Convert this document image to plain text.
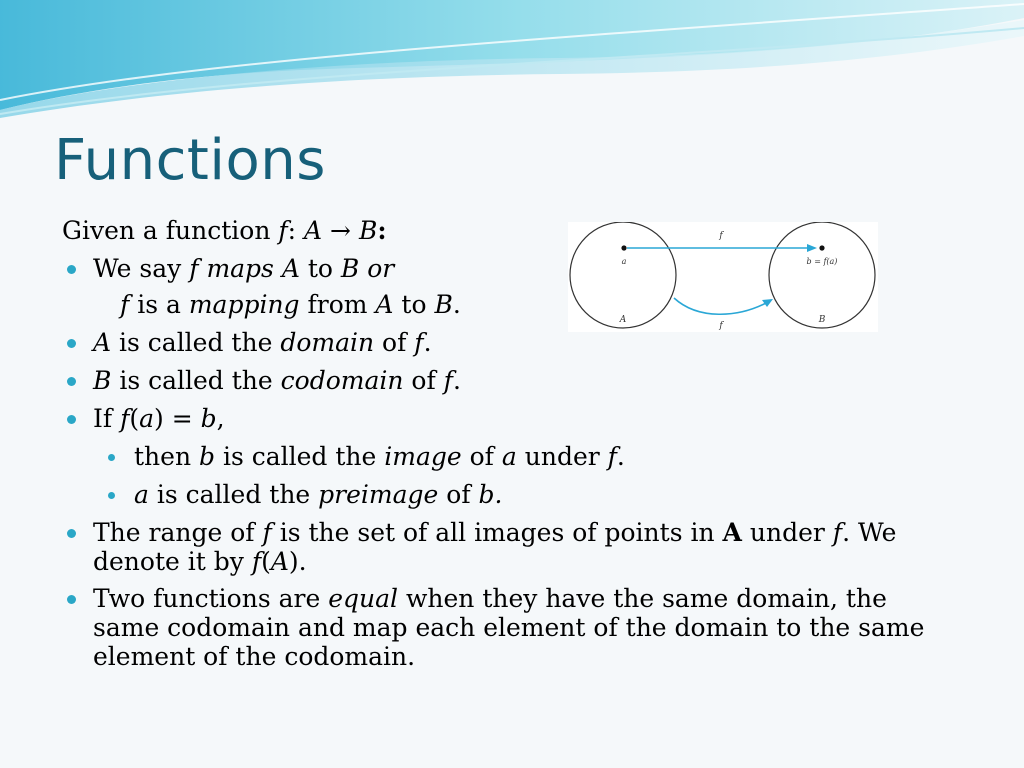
Functions
Given a function f: A → B:
We say f maps A to B or
f is a mapping from A to B.
A is called the domain of f.
B is called the codomain of f.
If f(a) = b,
then b is called the image of a under f.
a is called the preimage of b.
The range of f is the set of all images of points in A under f. We denote it by f(A).
Two functions are equal when they have the same domain, the same codomain and map each element of the domain to the same element of the codomain.
f
f
a	b = f(a)
A	B
